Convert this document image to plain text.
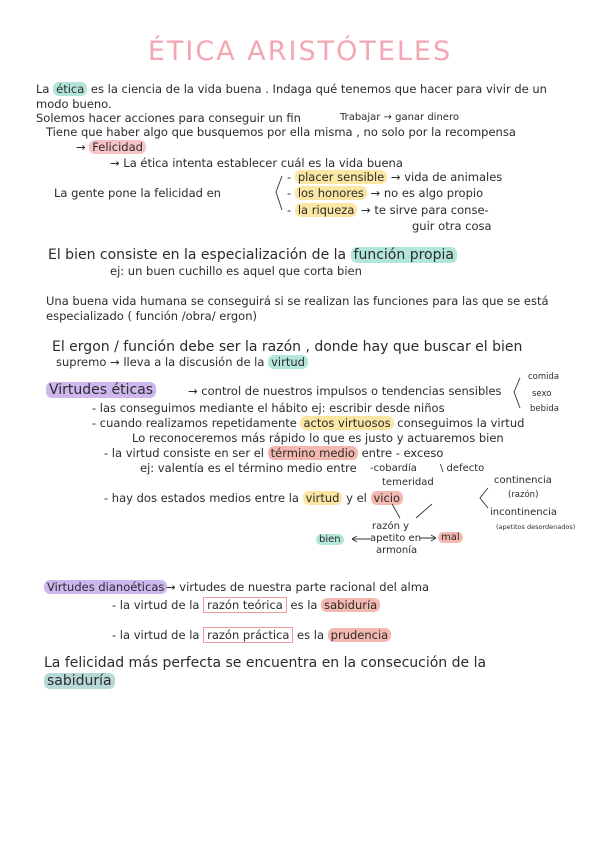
ÉTICA ARISTÓTELES
La ética es la ciencia de la vida buena . Indaga qué tenemos que hacer para vivir de un
modo bueno.
Solemos hacer acciones para conseguir un fin	Trabajar → ganar dinero
Tiene que haber algo que busquemos por ella misma , no solo por la recompensa
→ Felicidad
→ La ética intenta establecer cuál es la vida buena
La gente pone la felicidad en
- placer sensible → vida de animales
- los honores → no es algo propio
- la riqueza → te sirve para conse-
guir otra cosa
El bien consiste en la especialización de la función propia
ej: un buen cuchillo es aquel que corta bien
Una buena vida humana se conseguirá si se realizan las funciones para las que se está
especializado ( función /obra/ ergon)
El ergon / función debe ser la razón , donde hay que buscar el bien
supremo → lleva a la discusión de la virtud
Virtudes éticas	→ control de nuestros impulsos o tendencias sensibles
comida
sexo
bebida
- las conseguimos mediante el hábito ej: escribir desde niños
- cuando realizamos repetidamente actos virtuosos conseguimos la virtud
Lo reconoceremos más rápido lo que es justo y actuaremos bien
- la virtud consiste en ser el término medio entre - exceso
ej: valentía es el término medio entre -cobardía
temeridad
\ defecto
- hay dos estados medios entre la virtud y el vicio
continencia
(razón)
incontinencia
(apetitos desordenados)
razón y
apetito en
armonía
bien	mal
Virtudes dianoéticas → virtudes de nuestra parte racional del alma
- la virtud de la razón teórica es la sabiduría
- la virtud de la razón práctica es la prudencia
La felicidad más perfecta se encuentra en la consecución de la
sabiduría
